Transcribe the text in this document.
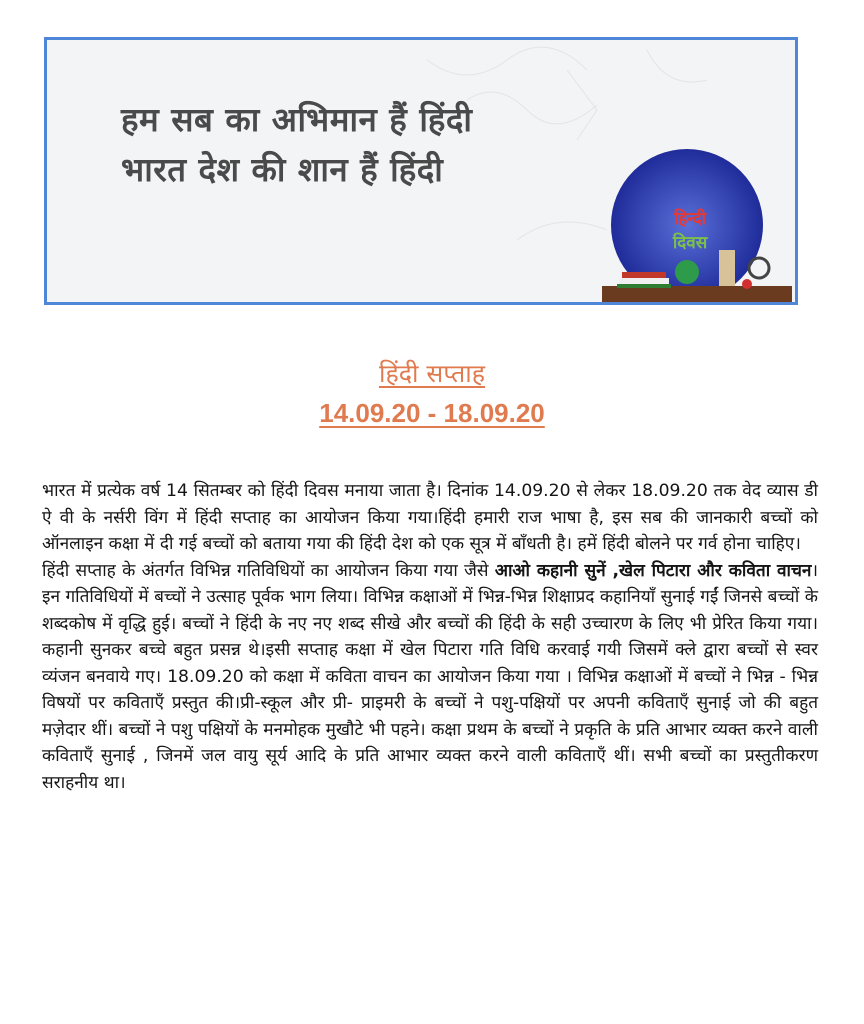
हम सब का अभिमान हैं हिंदी
भारत देश की शान हैं हिंदी
हिन्दी
दिवस
हिंदी सप्ताह
14.09.20 - 18.09.20

भारत में प्रत्येक वर्ष 14 सितम्बर को हिंदी दिवस मनाया जाता है। दिनांक 14.09.20 से लेकर 18.09.20 तक वेद व्यास डी ऐ वी के नर्सरी विंग में हिंदी सप्ताह का आयोजन किया गया।हिंदी हमारी राज भाषा है, इस सब की जानकारी बच्चों को ऑनलाइन कक्षा में दी गई बच्चों को बताया गया की हिंदी देश को एक सूत्र में बाँधती है। हमें हिंदी बोलने पर गर्व होना चाहिए।

हिंदी सप्ताह के अंतर्गत विभिन्न गतिविधियों का आयोजन किया गया जैसे आओ कहानी सुनें ,खेल पिटारा और कविता वाचन। इन गतिविधियों में बच्चों ने उत्साह पूर्वक भाग लिया। विभिन्न कक्षाओं में भिन्न-भिन्न शिक्षाप्रद कहानियाँ सुनाई गईं जिनसे बच्चों के शब्दकोष में वृद्धि हुई। बच्चों ने हिंदी के नए नए शब्द सीखे और बच्चों की हिंदी के सही उच्चारण के लिए भी प्रेरित किया गया। कहानी सुनकर बच्चे बहुत प्रसन्न थे।इसी सप्ताह कक्षा में खेल पिटारा गति विधि करवाई गयी जिसमें क्ले द्वारा बच्चों से स्वर व्यंजन बनवाये गए। 18.09.20 को कक्षा में कविता वाचन का आयोजन किया गया । विभिन्न कक्षाओं में बच्चों ने भिन्न - भिन्न विषयों पर कविताएँ प्रस्तुत की।प्री-स्कूल और प्री- प्राइमरी के बच्चों ने पशु-पक्षियों पर अपनी कविताएँ सुनाई जो की बहुत मज़ेदार थीं। बच्चों ने पशु पक्षियों के मनमोहक मुखौटे भी पहने। कक्षा प्रथम के बच्चों ने प्रकृति के प्रति आभार व्यक्त करने वाली कविताएँ सुनाई , जिनमें जल वायु सूर्य आदि के प्रति आभार व्यक्त करने वाली कविताएँ थीं। सभी बच्चों का प्रस्तुतीकरण सराहनीय था।
